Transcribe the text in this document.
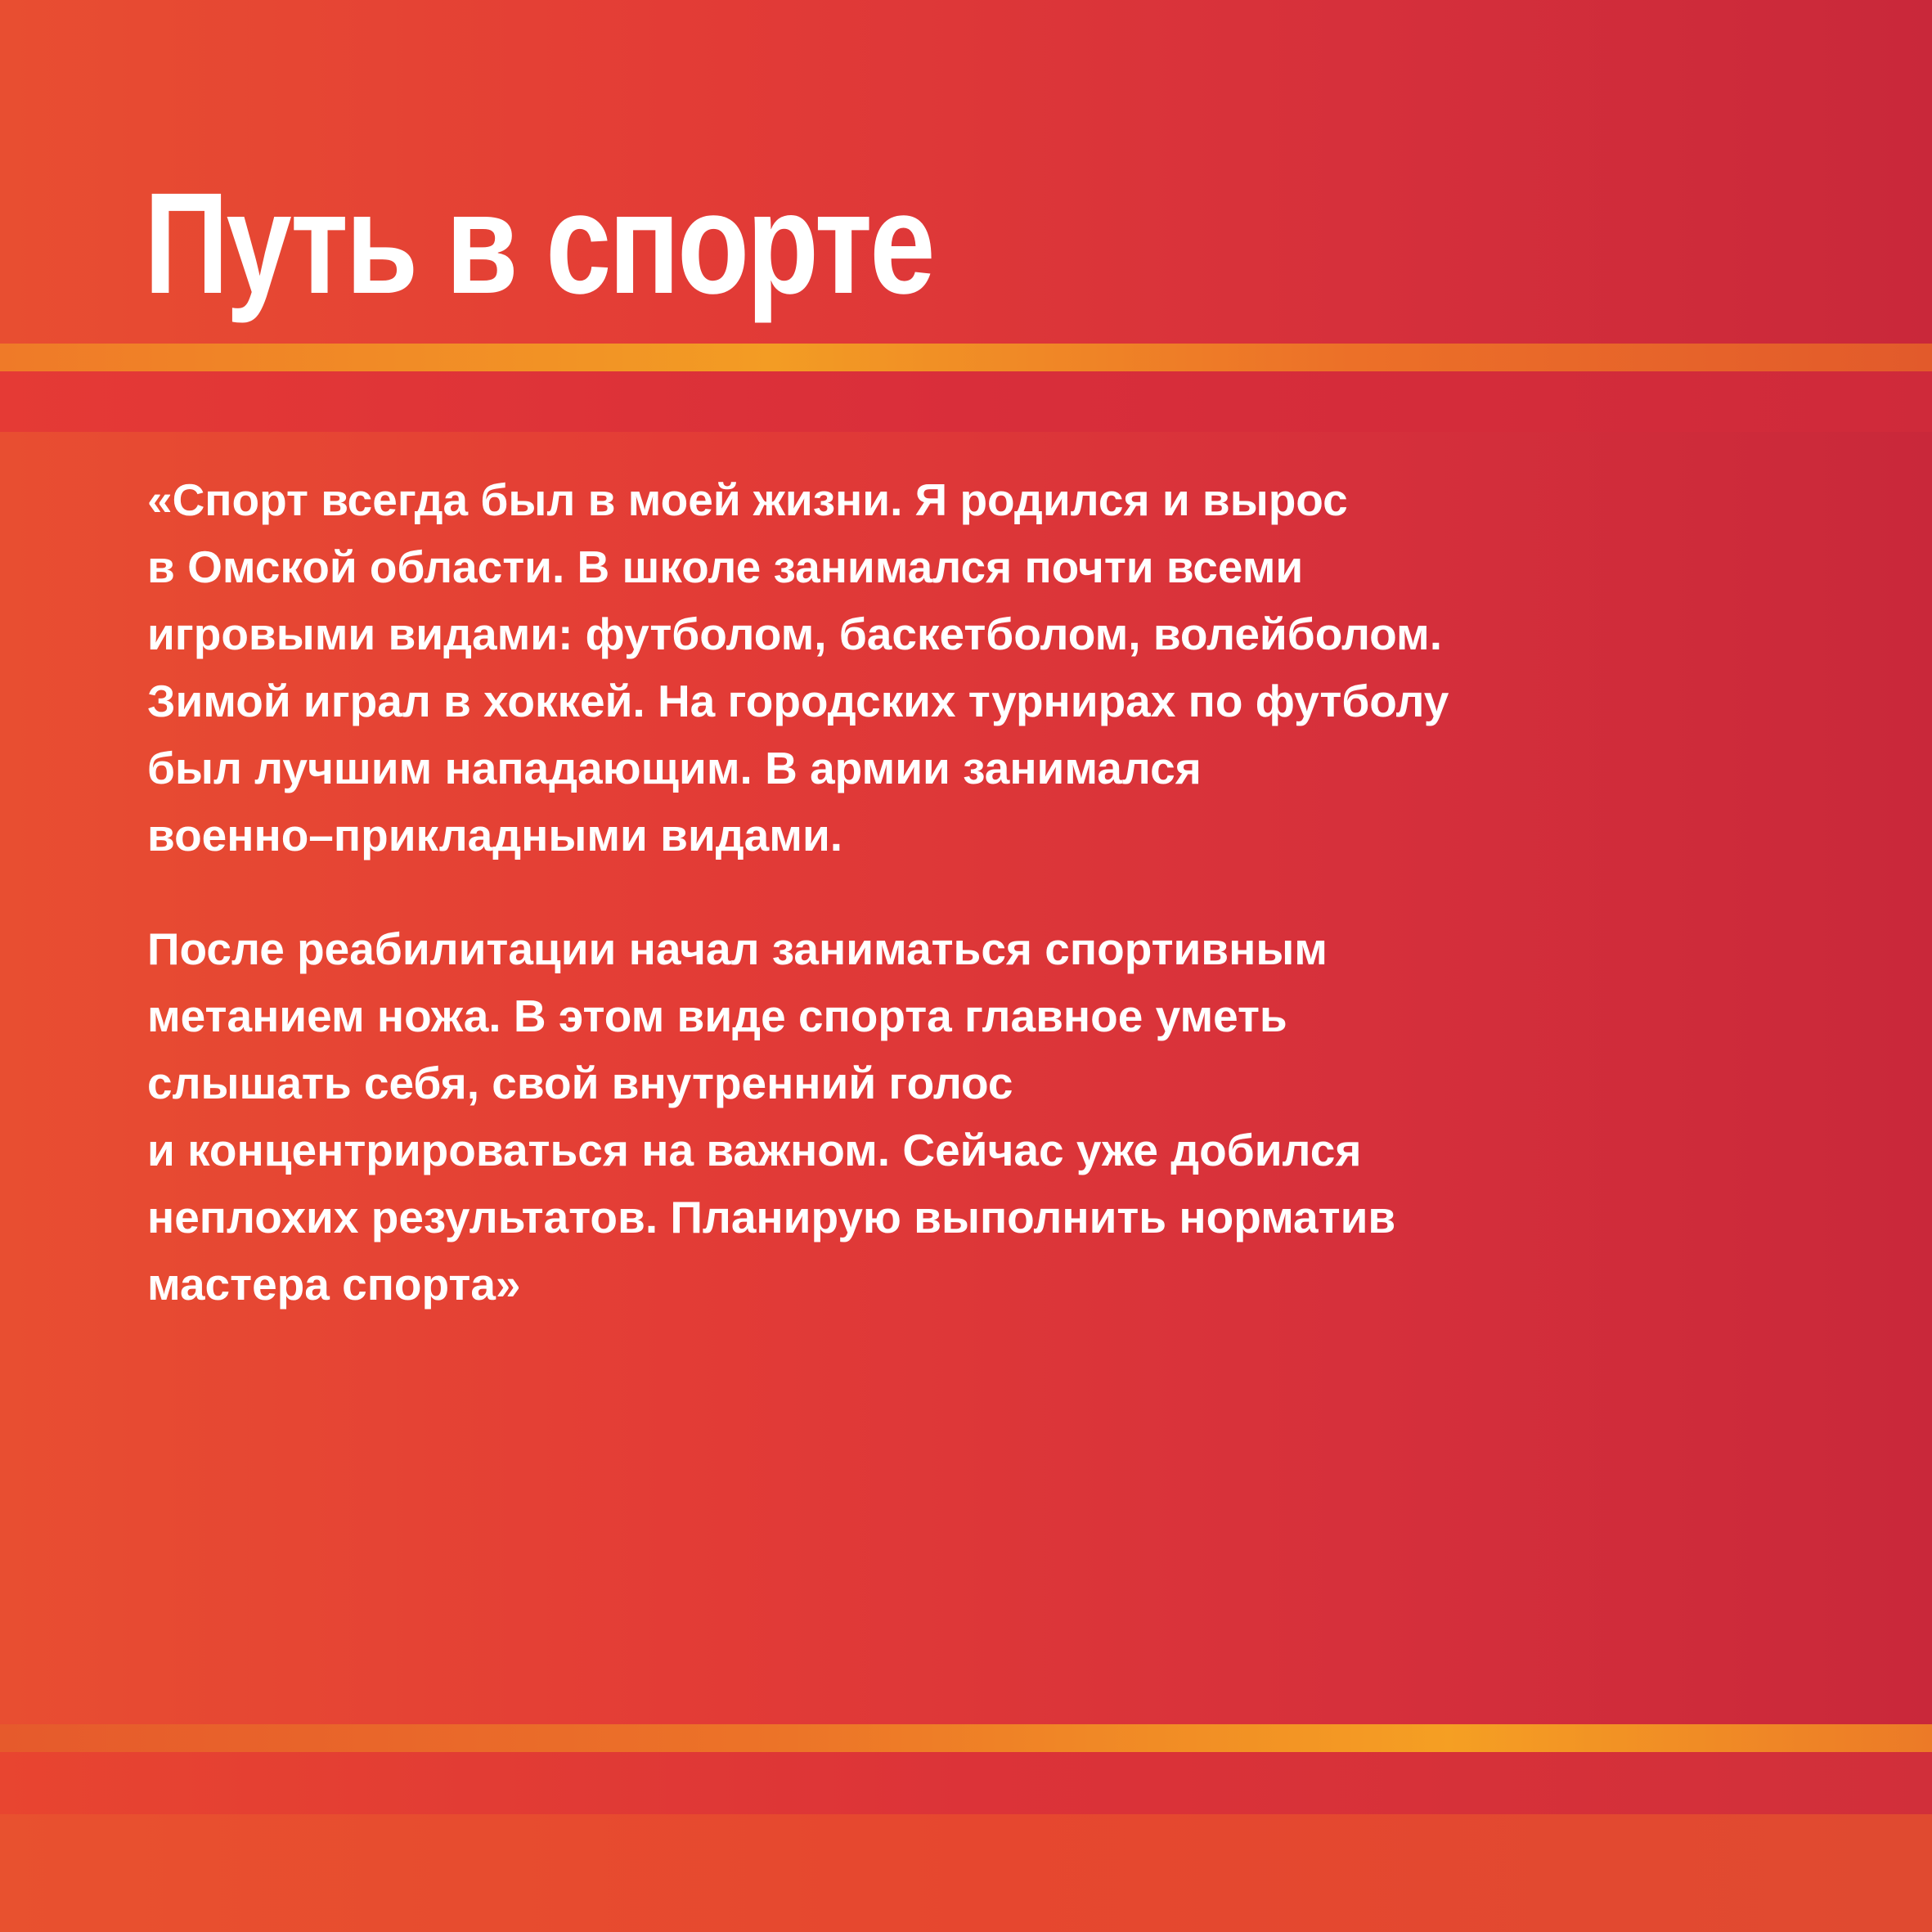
Путь в спорте
«Спорт всегда был в моей жизни. Я родился и вырос
в Омской области. В школе занимался почти всеми
игровыми видами: футболом, баскетболом, волейболом.
Зимой играл в хоккей. На городских турнирах по футболу
был лучшим нападающим. В армии занимался
военно–прикладными видами.
После реабилитации начал заниматься спортивным
метанием ножа. В этом виде спорта главное уметь
слышать себя, свой внутренний голос
и концентрироваться на важном. Сейчас уже добился
неплохих результатов. Планирую выполнить норматив
мастера спорта»
